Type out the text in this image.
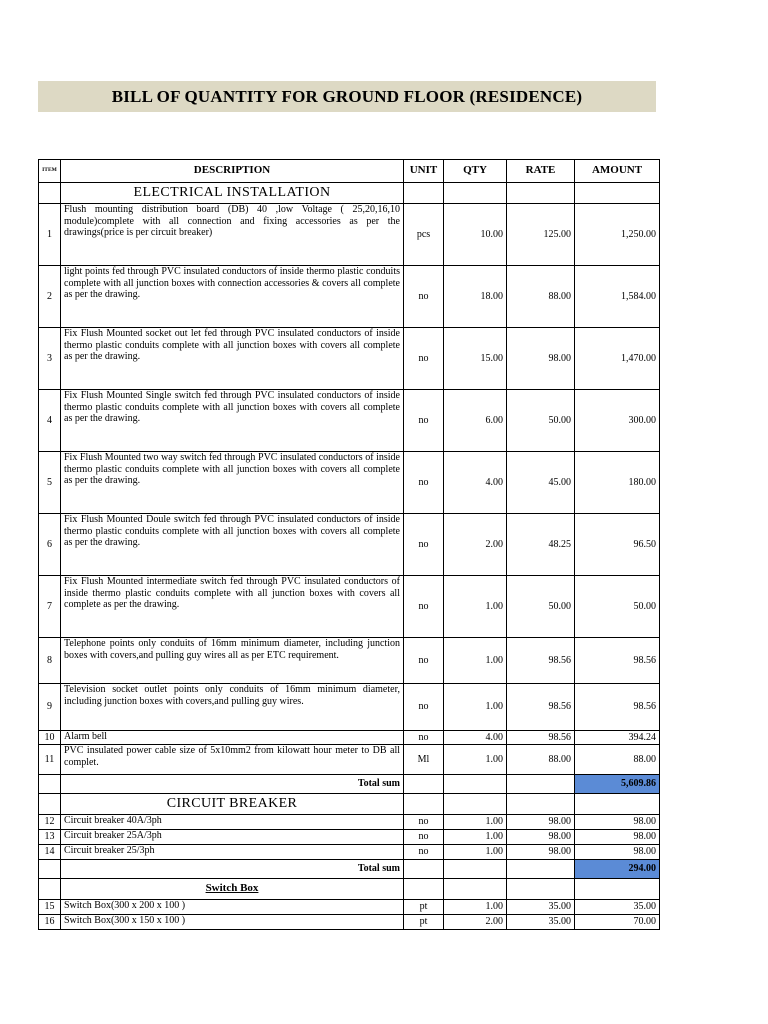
BILL OF QUANTITY FOR GROUND FLOOR (RESIDENCE)
ITEM	DESCRIPTION	UNIT	QTY	RATE	AMOUNT
	ELECTRICAL INSTALLATION				
1	Flush mounting distribution board (DB) 40 ,low Voltage ( 25,20,16,10 module)complete with all connection and fixing accessories as per the drawings(price is per circuit breaker)	pcs	10.00	125.00	1,250.00
2	light points fed through PVC insulated conductors of inside thermo plastic conduits complete with all junction boxes with connection accessories & covers all complete as per the drawing.	no	18.00	88.00	1,584.00
3	Fix Flush Mounted socket out let fed through PVC insulated conductors of inside thermo plastic conduits complete with all junction boxes with covers all complete as per the drawing.	no	15.00	98.00	1,470.00
4	Fix Flush Mounted Single switch fed through PVC insulated conductors of inside thermo plastic conduits complete with all junction boxes with covers all complete as per the drawing.	no	6.00	50.00	300.00
5	Fix Flush Mounted two way switch fed through PVC insulated conductors of inside thermo plastic conduits complete with all junction boxes with covers all complete as per the drawing.	no	4.00	45.00	180.00
6	Fix Flush Mounted Doule switch fed through PVC insulated conductors of inside thermo plastic conduits complete with all junction boxes with covers all complete as per the drawing.	no	2.00	48.25	96.50
7	Fix Flush Mounted intermediate switch fed through PVC insulated conductors of inside thermo plastic conduits complete with all junction boxes with covers all complete as per the drawing.	no	1.00	50.00	50.00
8	Telephone points only conduits of 16mm minimum diameter, including junction boxes with covers,and pulling guy wires all as per ETC requirement.	no	1.00	98.56	98.56
9	Television socket outlet points only conduits of 16mm minimum diameter, including junction boxes with covers,and pulling guy wires.	no	1.00	98.56	98.56
10	Alarm bell	no	4.00	98.56	394.24
11	PVC insulated power cable size of 5x10mm2 from kilowatt hour meter to DB all complet.	Ml	1.00	88.00	88.00
	Total sum				5,609.86
	CIRCUIT BREAKER				
12	Circuit breaker 40A/3ph	no	1.00	98.00	98.00
13	Circuit breaker 25A/3ph	no	1.00	98.00	98.00
14	Circuit breaker 25/3ph	no	1.00	98.00	98.00
	Total sum				294.00
	Switch Box				
15	Switch Box(300 x 200 x 100 )	pt	1.00	35.00	35.00
16	Switch Box(300 x 150 x 100 )	pt	2.00	35.00	70.00
